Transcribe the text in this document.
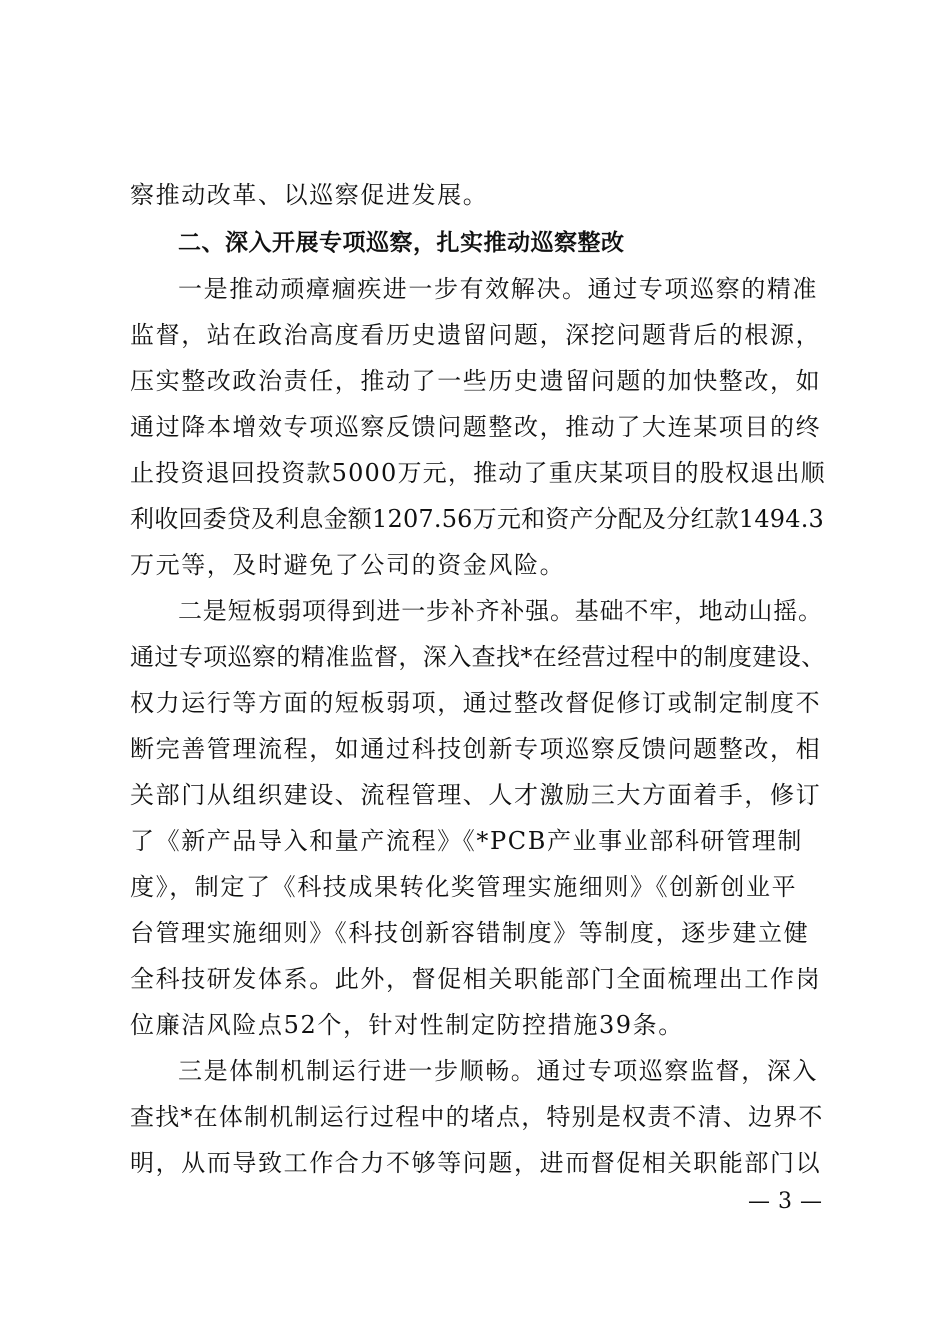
察推动改革、以巡察促进发展。
二、深入开展专项巡察，扎实推动巡察整改
一是推动顽瘴痼疾进一步有效解决。通过专项巡察的精准
监督，站在政治高度看历史遗留问题，深挖问题背后的根源，
压实整改政治责任，推动了一些历史遗留问题的加快整改，如
通过降本增效专项巡察反馈问题整改，推动了大连某项目的终
止投资退回投资款5000万元，推动了重庆某项目的股权退出顺
利收回委贷及利息金额1207.56万元和资产分配及分红款1494.3
万元等，及时避免了公司的资金风险。
二是短板弱项得到进一步补齐补强。基础不牢，地动山摇。
通过专项巡察的精准监督，深入查找*在经营过程中的制度建设、
权力运行等方面的短板弱项，通过整改督促修订或制定制度不
断完善管理流程，如通过科技创新专项巡察反馈问题整改，相
关部门从组织建设、流程管理、人才激励三大方面着手，修订
了《新产品导入和量产流程》《*PCB产业事业部科研管理制
度》，制定了《科技成果转化奖管理实施细则》《创新创业平
台管理实施细则》《科技创新容错制度》等制度，逐步建立健
全科技研发体系。此外，督促相关职能部门全面梳理出工作岗
位廉洁风险点52个，针对性制定防控措施39条。
三是体制机制运行进一步顺畅。通过专项巡察监督，深入
查找*在体制机制运行过程中的堵点，特别是权责不清、边界不
明，从而导致工作合力不够等问题，进而督促相关职能部门以
— 3 —
